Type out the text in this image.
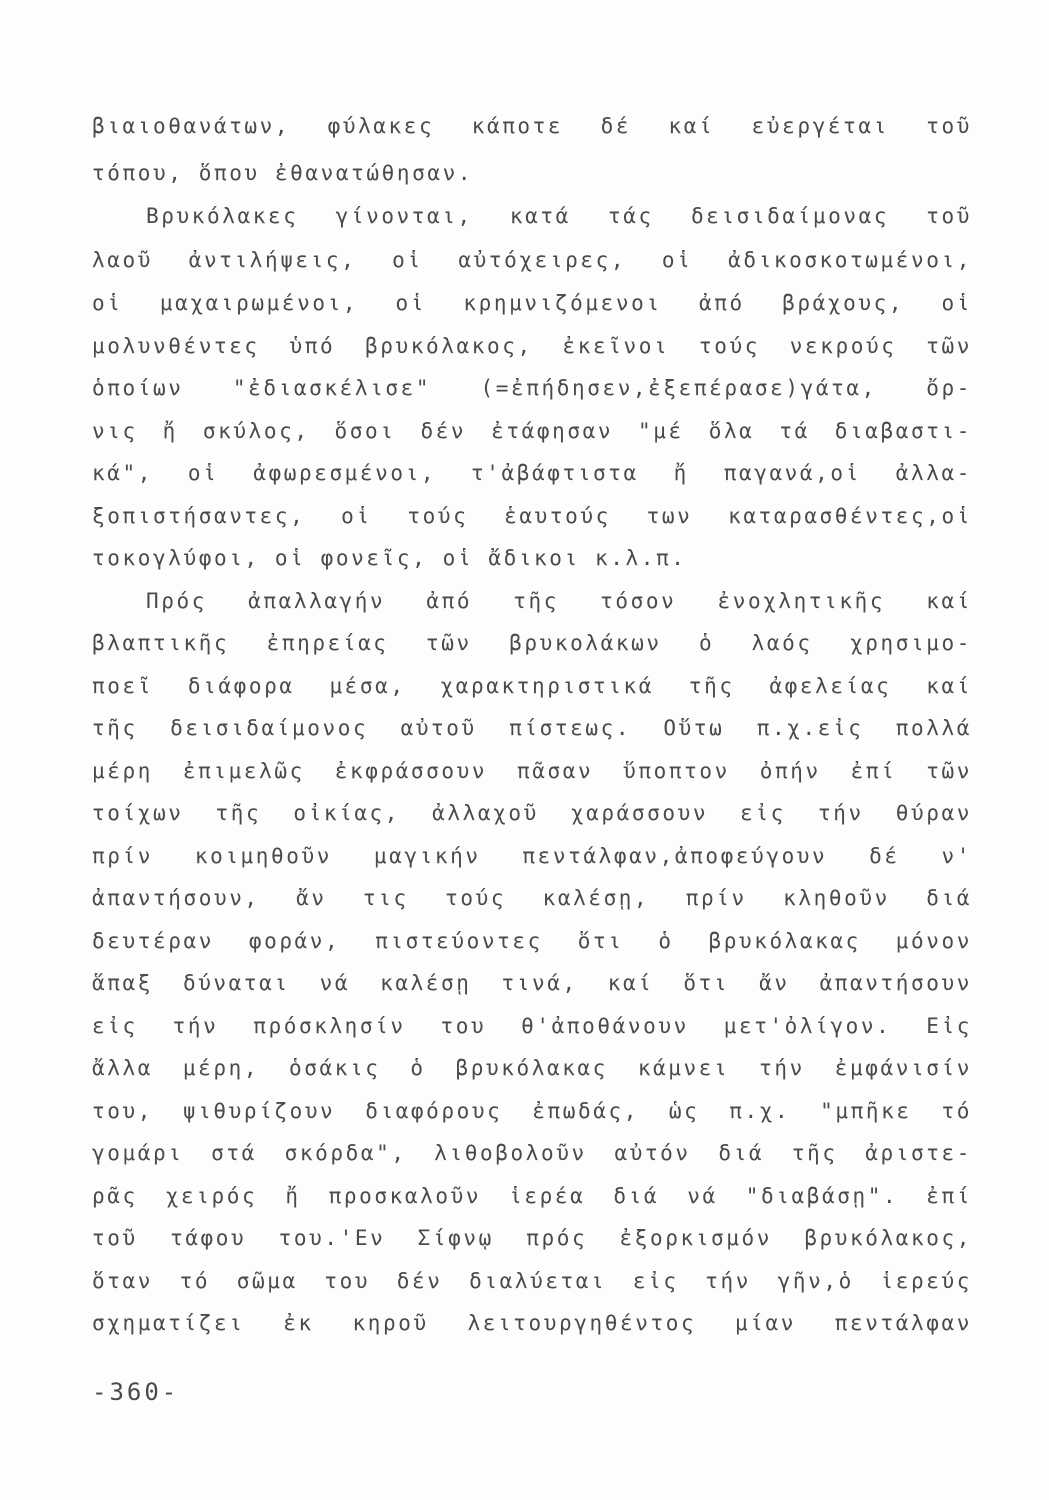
βιαιοθανάτων, φύλακες κάποτε δέ καί εὐεργέται τοῦ
τόπου, ὅπου ἐθανατώθησαν.
Βρυκόλακες γίνονται, κατά τάς δεισιδαίμονας τοῦ
λαοῦ ἀντιλήψεις, οἱ αὐτόχειρες, οἱ ἀδικοσκοτωμένοι,
οἱ μαχαιρωμένοι, οἱ κρημνιζόμενοι ἀπό βράχους, οἱ
μολυνθέντες ὑπό βρυκόλακος, ἐκεῖνοι τούς νεκρούς τῶν
ὁποίων "ἐδιασκέλισε" (=ἐπήδησεν,ἐξεπέρασε)γάτα, ὄρ-
νις ἤ σκύλος, ὅσοι δέν ἐτάφησαν "μέ ὅλα τά διαβαστι-
κά", οἱ ἀφωρεσμένοι, τ'ἀβάφτιστα ἤ παγανά,οἱ ἀλλα-
ξοπιστήσαντες, οἱ τούς ἑαυτούς των καταρασθέντες,οἱ
τοκογλύφοι, οἱ φονεῖς, οἱ ἄδικοι κ.λ.π.
Πρός ἀπαλλαγήν ἀπό τῆς τόσον ἐνοχλητικῆς καί
βλαπτικῆς ἐπηρείας τῶν βρυκολάκων ὁ λαός χρησιμο-
ποεῖ διάφορα μέσα, χαρακτηριστικά τῆς ἀφελείας καί
τῆς δεισιδαίμονος αὐτοῦ πίστεως. Οὕτω π.χ.εἰς πολλά
μέρη ἐπιμελῶς ἐκφράσσουν πᾶσαν ὕποπτον ὀπήν ἐπί τῶν
τοίχων τῆς οἰκίας, ἀλλαχοῦ χαράσσουν εἰς τήν θύραν
πρίν κοιμηθοῦν μαγικήν πεντάλφαν,ἀποφεύγουν δέ ν'
ἀπαντήσουν, ἄν τις τούς καλέσῃ, πρίν κληθοῦν διά
δευτέραν φοράν, πιστεύοντες ὅτι ὁ βρυκόλακας μόνον
ἅπαξ δύναται νά καλέσῃ τινά, καί ὅτι ἄν ἀπαντήσουν
εἰς τήν πρόσκλησίν του θ'ἀποθάνουν μετ'ὀλίγον. Εἰς
ἄλλα μέρη, ὁσάκις ὁ βρυκόλακας κάμνει τήν ἐμφάνισίν
του, ψιθυρίζουν διαφόρους ἐπωδάς, ὡς π.χ. "μπῆκε τό
γομάρι στά σκόρδα", λιθοβολοῦν αὐτόν διά τῆς ἀριστε-
ρᾶς χειρός ἤ προσκαλοῦν ἱερέα διά νά "διαβάσῃ". ἐπί
τοῦ τάφου του.'Εν Σίφνῳ πρός ἐξορκισμόν βρυκόλακος,
ὅταν τό σῶμα του δέν διαλύεται εἰς τήν γῆν,ὁ ἱερεύς
σχηματίζει ἐκ κηροῦ λειτουργηθέντος μίαν πεντάλφαν
-360-
